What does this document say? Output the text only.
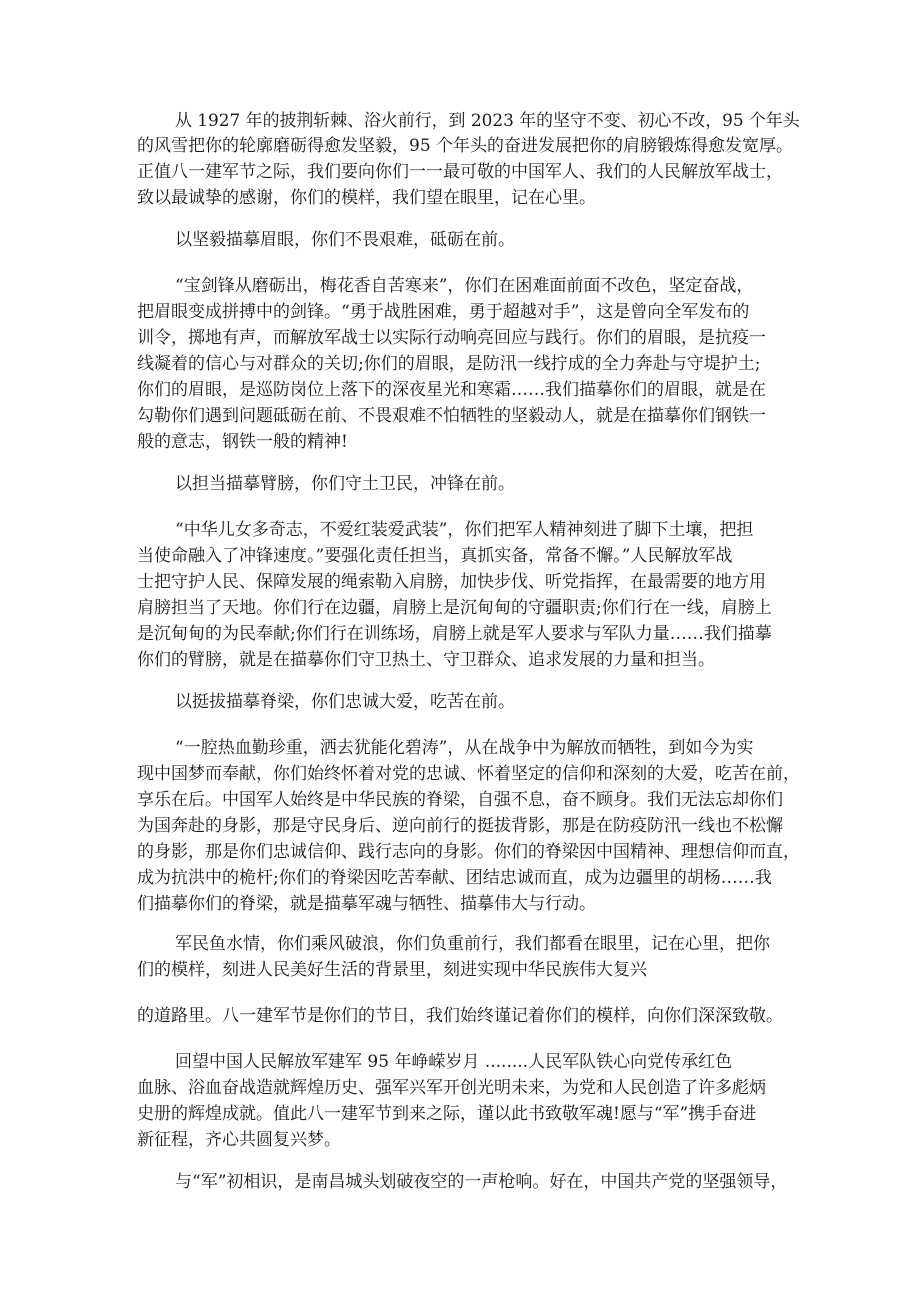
从 1927 年的披荆斩棘、浴火前行，到 2023 年的坚守不变、初心不改，95 个年头
的风雪把你的轮廓磨砺得愈发坚毅，95 个年头的奋进发展把你的肩膀锻炼得愈发宽厚。
正值八一建军节之际，我们要向你们一一最可敬的中国军人、我们的人民解放军战士，
致以最诚挚的感谢，你们的模样，我们望在眼里，记在心里。
以坚毅描摹眉眼，你们不畏艰难，砥砺在前。
“宝剑锋从磨砺出，梅花香自苦寒来”，你们在困难面前面不改色，坚定奋战，
把眉眼变成拼搏中的剑锋。“勇于战胜困难，勇于超越对手”，这是曾向全军发布的
训令，掷地有声，而解放军战士以实际行动响亮回应与践行。你们的眉眼，是抗疫一
线凝着的信心与对群众的关切;你们的眉眼，是防汛一线拧成的全力奔赴与守堤护土;
你们的眉眼，是巡防岗位上落下的深夜星光和寒霜……我们描摹你们的眉眼，就是在
勾勒你们遇到问题砥砺在前、不畏艰难不怕牺牲的坚毅动人，就是在描摹你们钢铁一
般的意志，钢铁一般的精神!
以担当描摹臂膀，你们守土卫民，冲锋在前。
“中华儿女多奇志，不爱红装爱武装”，你们把军人精神刻进了脚下土壤，把担
当使命融入了冲锋速度。”要强化责任担当，真抓实备，常备不懈。”人民解放军战
士把守护人民、保障发展的绳索勒入肩膀，加快步伐、听党指挥，在最需要的地方用
肩膀担当了天地。你们行在边疆，肩膀上是沉甸甸的守疆职责;你们行在一线，肩膀上
是沉甸甸的为民奉献;你们行在训练场，肩膀上就是军人要求与军队力量……我们描摹
你们的臂膀，就是在描摹你们守卫热土、守卫群众、追求发展的力量和担当。
以挺拔描摹脊梁，你们忠诚大爱，吃苦在前。
“一腔热血勤珍重，洒去犹能化碧涛”，从在战争中为解放而牺牲，到如今为实
现中国梦而奉献，你们始终怀着对党的忠诚、怀着坚定的信仰和深刻的大爱，吃苦在前，
享乐在后。中国军人始终是中华民族的脊梁，自强不息，奋不顾身。我们无法忘却你们
为国奔赴的身影，那是守民身后、逆向前行的挺拔背影，那是在防疫防汛一线也不松懈
的身影，那是你们忠诚信仰、践行志向的身影。你们的脊梁因中国精神、理想信仰而直，
成为抗洪中的桅杆;你们的脊梁因吃苦奉献、团结忠诚而直，成为边疆里的胡杨……我
们描摹你们的脊梁，就是描摹军魂与牺牲、描摹伟大与行动。
军民鱼水情，你们乘风破浪，你们负重前行，我们都看在眼里，记在心里，把你
们的模样，刻进人民美好生活的背景里，刻进实现中华民族伟大复兴
的道路里。八一建军节是你们的节日，我们始终谨记着你们的模样，向你们深深致敬。
回望中国人民解放军建军 95 年峥嵘岁月 ........人民军队铁心向党传承红色
血脉、浴血奋战造就辉煌历史、强军兴军开创光明未来，为党和人民创造了许多彪炳
史册的辉煌成就。值此八一建军节到来之际，谨以此书致敬军魂!愿与“军”携手奋进
新征程，齐心共圆复兴梦。
与“军”初相识，是南昌城头划破夜空的一声枪响。好在，中国共产党的坚强领导，
